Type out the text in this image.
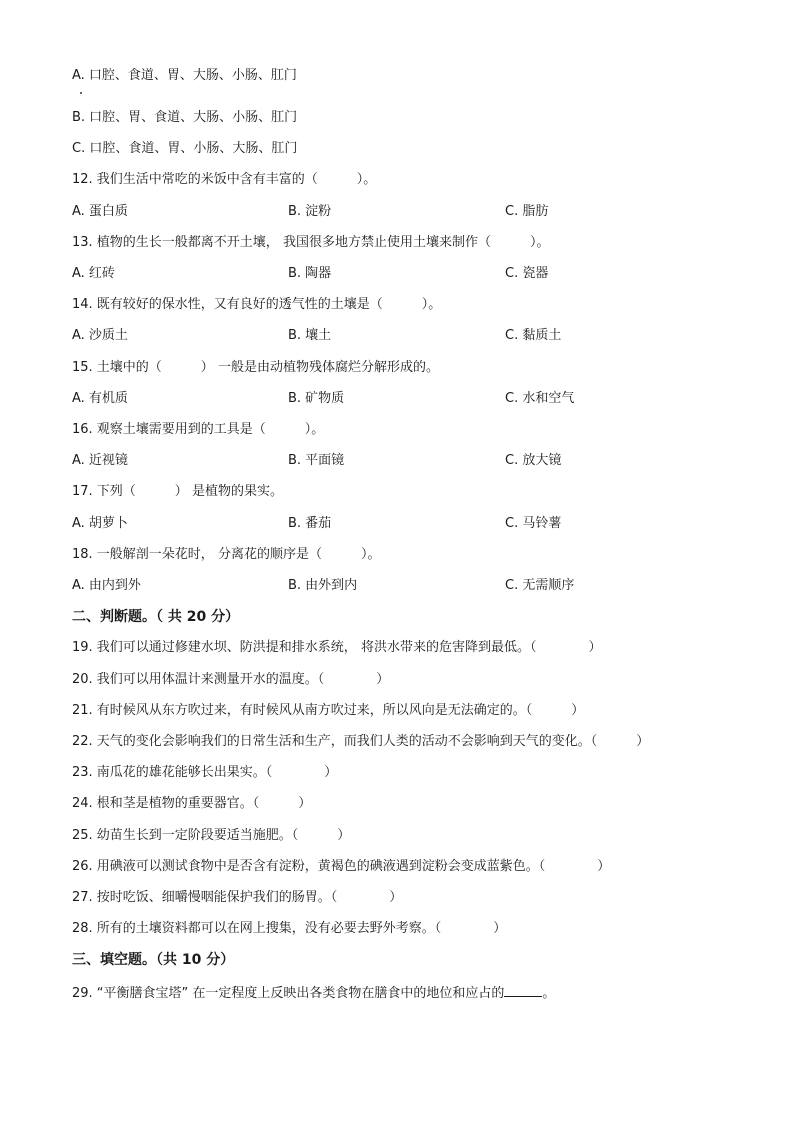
A. 口腔、食道、胃、大肠、小肠、肛门
B. 口腔、胃、食道、大肠、小肠、肛门
C. 口腔、食道、胃、小肠、大肠、肛门
12. 我们生活中常吃的米饭中含有丰富的（　　　）。
A. 蛋白质	B. 淀粉	C. 脂肪
13. 植物的生长一般都离不开土壤， 我国很多地方禁止使用土壤来制作（　　　）。
A. 红砖	B. 陶器	C. 瓷器
14. 既有较好的保水性，又有良好的透气性的土壤是（　　　）。
A. 沙质土	B. 壤土	C. 黏质土
15. 土壤中的（　　　） 一般是由动植物残体腐烂分解形成的。
A. 有机质	B. 矿物质	C. 水和空气
16. 观察土壤需要用到的工具是（　　　）。
A. 近视镜	B. 平面镜	C. 放大镜
17. 下列（　　　） 是植物的果实。
A. 胡萝卜	B. 番茄	C. 马铃薯
18. 一般解剖一朵花时， 分离花的顺序是（　　　）。
A. 由内到外	B. 由外到内	C. 无需顺序
二、判断题。（ 共 20 分）
19. 我们可以通过修建水坝、防洪提和排水系统， 将洪水带来的危害降到最低。（　　　　）
20. 我们可以用体温计来测量开水的温度。（　　　　）
21. 有时候风从东方吹过来，有时候风从南方吹过来，所以风向是无法确定的。（　　　）
22. 天气的变化会影响我们的日常生活和生产，而我们人类的活动不会影响到天气的变化。（　　　）
23. 南瓜花的雄花能够长出果实。（　　　　）
24. 根和茎是植物的重要器官。（　　　）
25. 幼苗生长到一定阶段要适当施肥。（　　　）
26. 用碘液可以测试食物中是否含有淀粉，黄褐色的碘液遇到淀粉会变成蓝紫色。（　　　　）
27. 按时吃饭、细嚼慢咽能保护我们的肠胃。（　　　　）
28. 所有的土壤资料都可以在网上搜集，没有必要去野外考察。（　　　　）
三、填空题。（共 10 分）
29. “平衡膳食宝塔” 在一定程度上反映出各类食物在膳食中的地位和应占的	。
